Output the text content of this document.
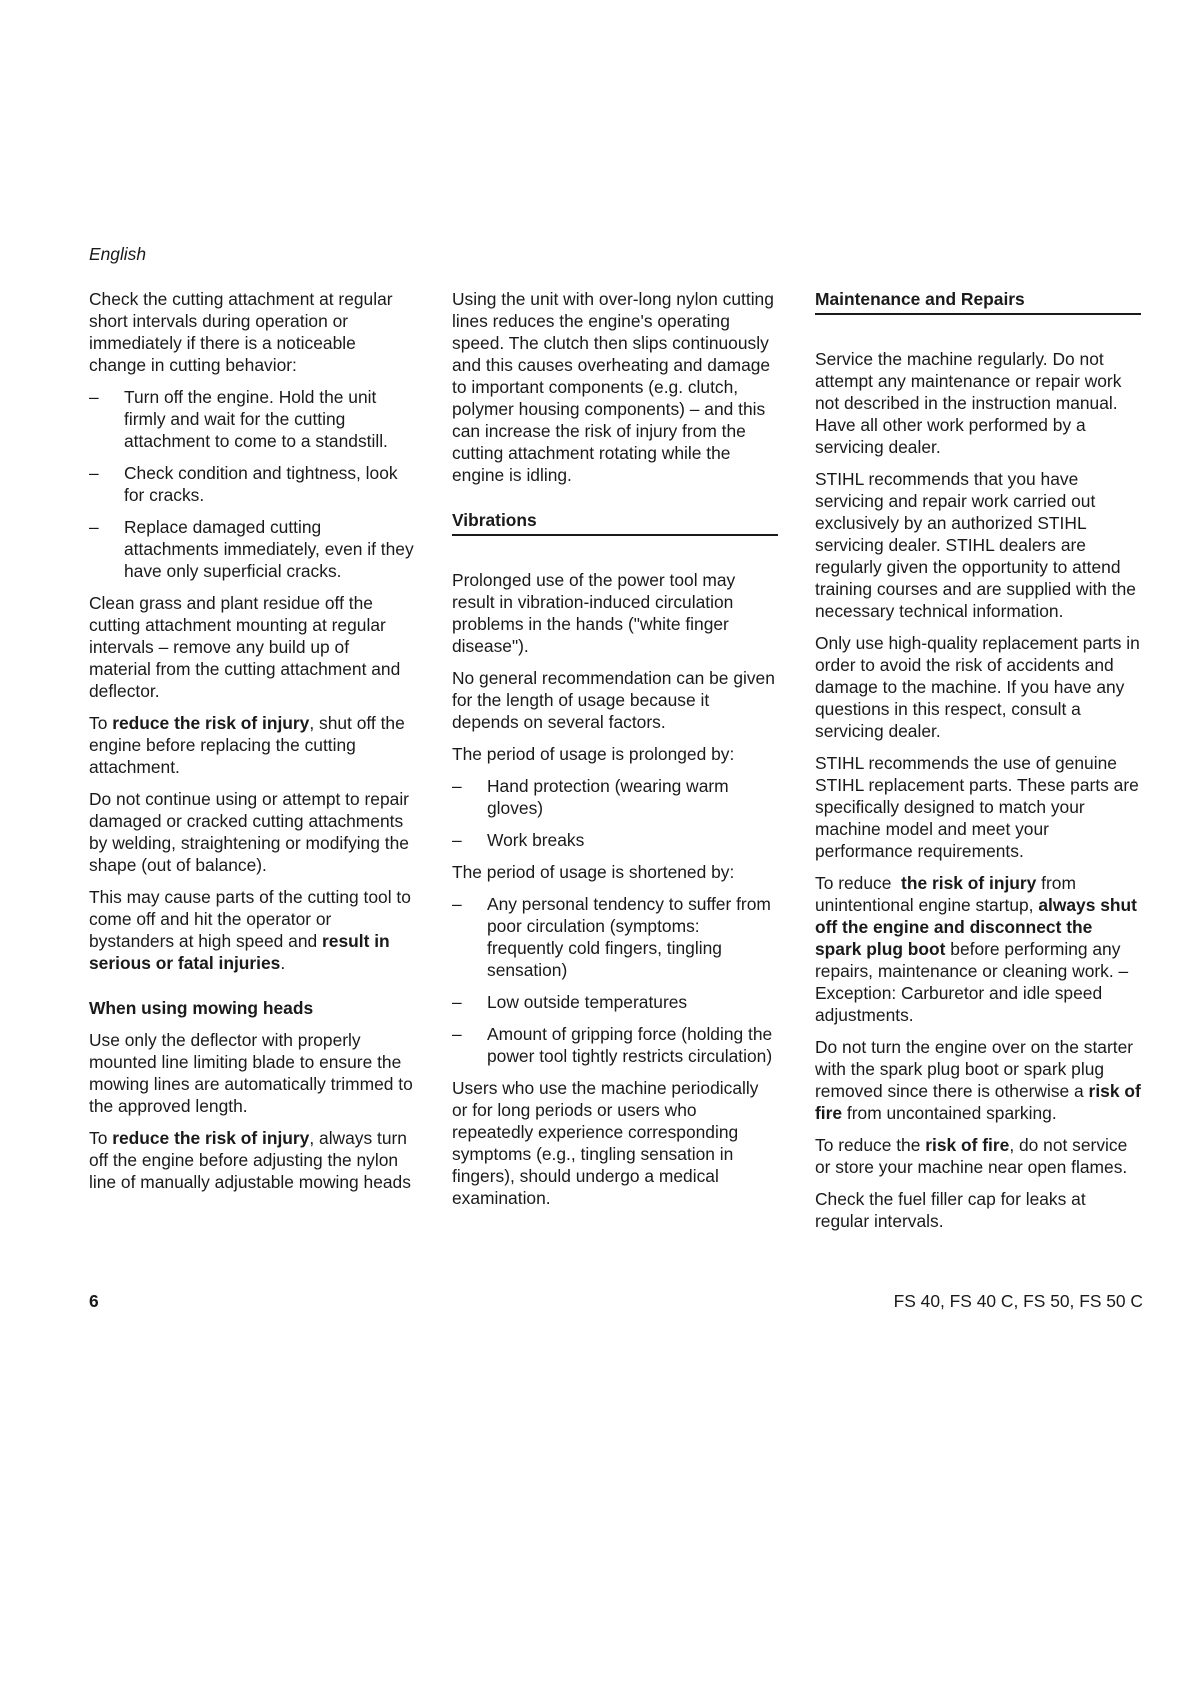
English

Check the cutting attachment at regular short intervals during operation or immediately if there is a noticeable change in cutting behavior:

– Turn off the engine. Hold the unit firmly and wait for the cutting attachment to come to a standstill.
– Check condition and tightness, look for cracks.
– Replace damaged cutting attachments immediately, even if they have only superficial cracks.

Clean grass and plant residue off the cutting attachment mounting at regular intervals – remove any build up of material from the cutting attachment and deflector.

To reduce the risk of injury, shut off the engine before replacing the cutting attachment.

Do not continue using or attempt to repair damaged or cracked cutting attachments by welding, straightening or modifying the shape (out of balance).

This may cause parts of the cutting tool to come off and hit the operator or bystanders at high speed and result in serious or fatal injuries.

When using mowing heads

Use only the deflector with properly mounted line limiting blade to ensure the mowing lines are automatically trimmed to the approved length.

To reduce the risk of injury, always turn off the engine before adjusting the nylon line of manually adjustable mowing heads

Using the unit with over-long nylon cutting lines reduces the engine's operating speed. The clutch then slips continuously and this causes overheating and damage to important components (e.g. clutch, polymer housing components) – and this can increase the risk of injury from the cutting attachment rotating while the engine is idling.

Vibrations

Prolonged use of the power tool may result in vibration-induced circulation problems in the hands ("white finger disease").

No general recommendation can be given for the length of usage because it depends on several factors.

The period of usage is prolonged by:

– Hand protection (wearing warm gloves)
– Work breaks

The period of usage is shortened by:

– Any personal tendency to suffer from poor circulation (symptoms: frequently cold fingers, tingling sensation)
– Low outside temperatures
– Amount of gripping force (holding the power tool tightly restricts circulation)

Users who use the machine periodically or for long periods or users who repeatedly experience corresponding symptoms (e.g., tingling sensation in fingers), should undergo a medical examination.

Maintenance and Repairs

Service the machine regularly. Do not attempt any maintenance or repair work not described in the instruction manual. Have all other work performed by a servicing dealer.

STIHL recommends that you have servicing and repair work carried out exclusively by an authorized STIHL servicing dealer. STIHL dealers are regularly given the opportunity to attend training courses and are supplied with the necessary technical information.

Only use high-quality replacement parts in order to avoid the risk of accidents and damage to the machine. If you have any questions in this respect, consult a servicing dealer.

STIHL recommends the use of genuine STIHL replacement parts. These parts are specifically designed to match your machine model and meet your performance requirements.

To reduce  the risk of injury from unintentional engine startup, always shut off the engine and disconnect the spark plug boot before performing any repairs, maintenance or cleaning work. – Exception: Carburetor and idle speed adjustments.

Do not turn the engine over on the starter with the spark plug boot or spark plug removed since there is otherwise a risk of fire from uncontained sparking.

To reduce the risk of fire, do not service or store your machine near open flames.

Check the fuel filler cap for leaks at regular intervals.

6	FS 40, FS 40 C, FS 50, FS 50 C
